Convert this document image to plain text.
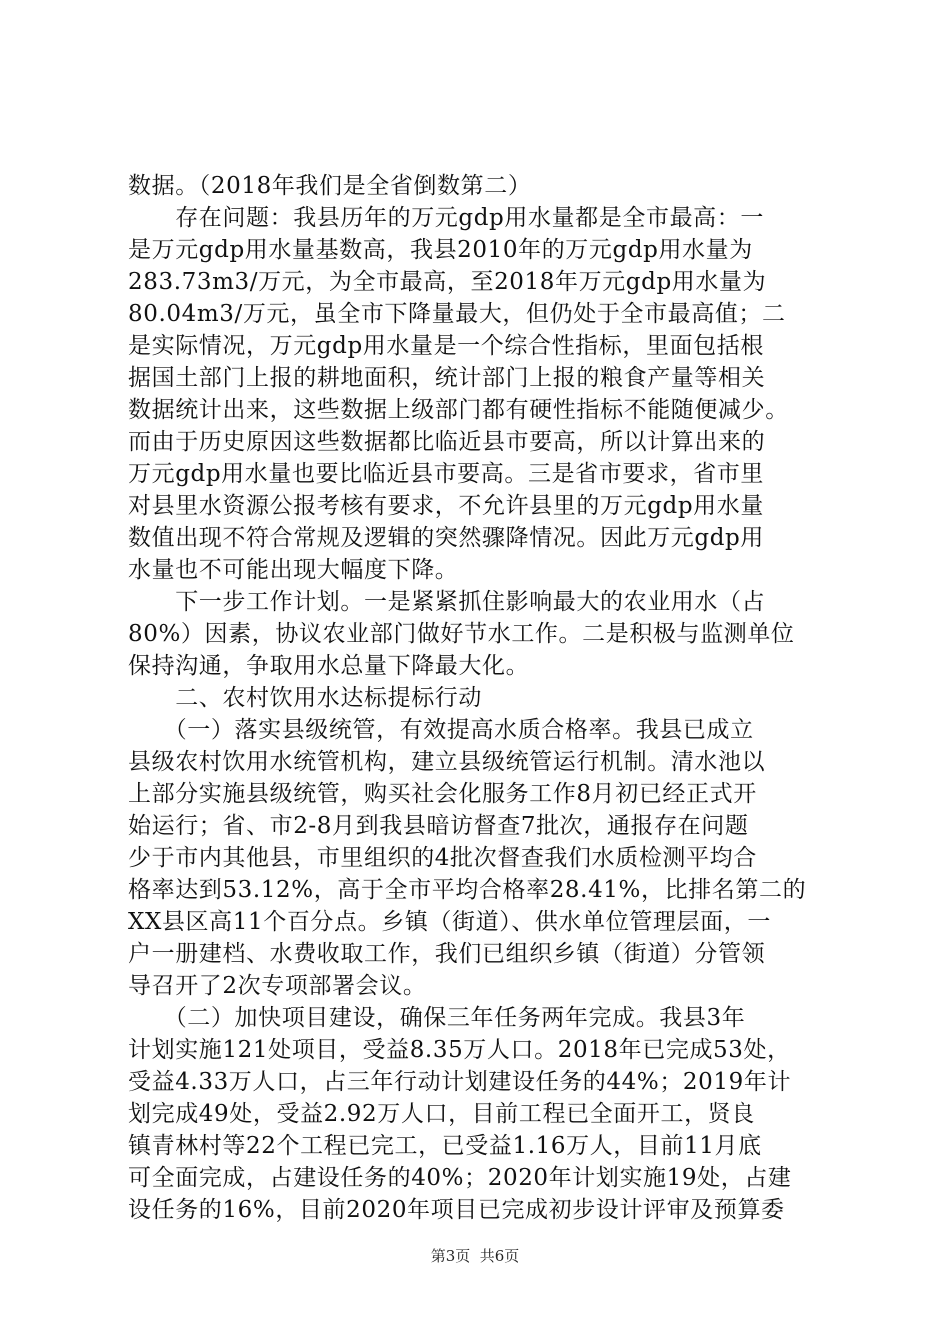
数据。（2018年我们是全省倒数第二）
　　存在问题：我县历年的万元gdp用水量都是全市最高：一
是万元gdp用水量基数高，我县2010年的万元gdp用水量为
283.73m3/万元，为全市最高，至2018年万元gdp用水量为
80.04m3/万元，虽全市下降量最大，但仍处于全市最高值；二
是实际情况，万元gdp用水量是一个综合性指标，里面包括根
据国土部门上报的耕地面积，统计部门上报的粮食产量等相关
数据统计出来，这些数据上级部门都有硬性指标不能随便减少。
而由于历史原因这些数据都比临近县市要高，所以计算出来的
万元gdp用水量也要比临近县市要高。三是省市要求，省市里
对县里水资源公报考核有要求，不允许县里的万元gdp用水量
数值出现不符合常规及逻辑的突然骤降情况。因此万元gdp用
水量也不可能出现大幅度下降。
　　下一步工作计划。一是紧紧抓住影响最大的农业用水（占
80%）因素，协议农业部门做好节水工作。二是积极与监测单位
保持沟通，争取用水总量下降最大化。
　　二、农村饮用水达标提标行动
　　（一）落实县级统管，有效提高水质合格率。我县已成立
县级农村饮用水统管机构，建立县级统管运行机制。清水池以
上部分实施县级统管，购买社会化服务工作8月初已经正式开
始运行；省、市2-8月到我县暗访督查7批次，通报存在问题
少于市内其他县，市里组织的4批次督查我们水质检测平均合
格率达到53.12%，高于全市平均合格率28.41%，比排名第二的
XX县区高11个百分点。乡镇（街道）、供水单位管理层面，一
户一册建档、水费收取工作，我们已组织乡镇（街道）分管领
导召开了2次专项部署会议。
　　（二）加快项目建设，确保三年任务两年完成。我县3年
计划实施121处项目，受益8.35万人口。2018年已完成53处，
受益4.33万人口，占三年行动计划建设任务的44%；2019年计
划完成49处，受益2.92万人口，目前工程已全面开工，贤良
镇青林村等22个工程已完工，已受益1.16万人，目前11月底
可全面完成，占建设任务的40%；2020年计划实施19处，占建
设任务的16%，目前2020年项目已完成初步设计评审及预算委
第3页  共6页
